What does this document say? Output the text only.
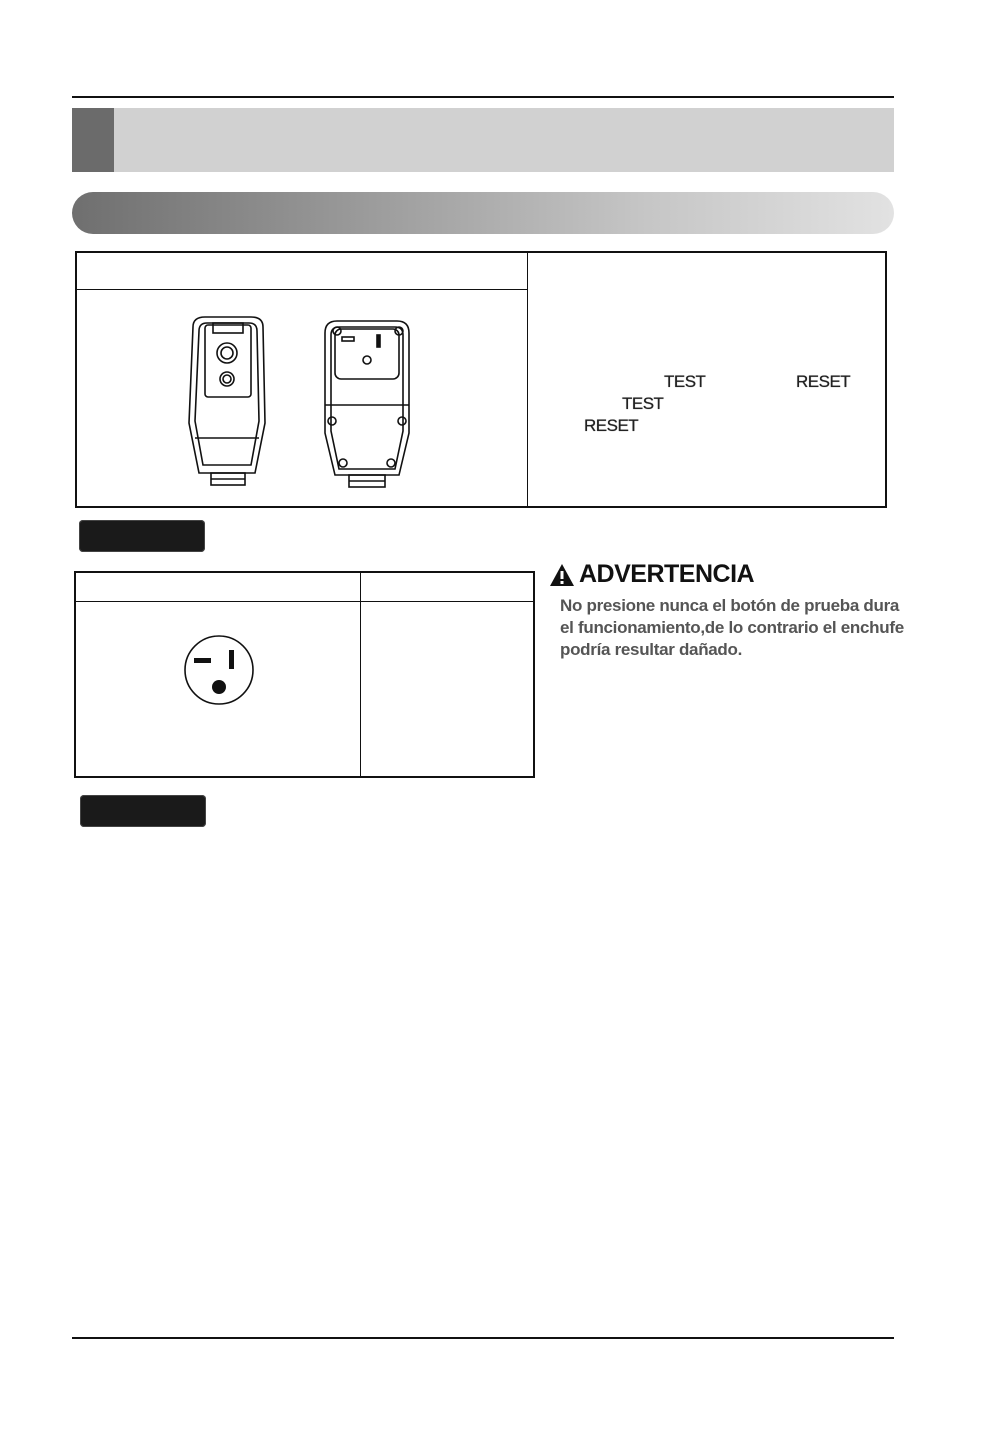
TEST	RESET
TEST
RESET
ADVERTENCIA
No presione nunca el botón de prueba dura
el funcionamiento,de lo contrario el enchufe
podría resultar dañado.
